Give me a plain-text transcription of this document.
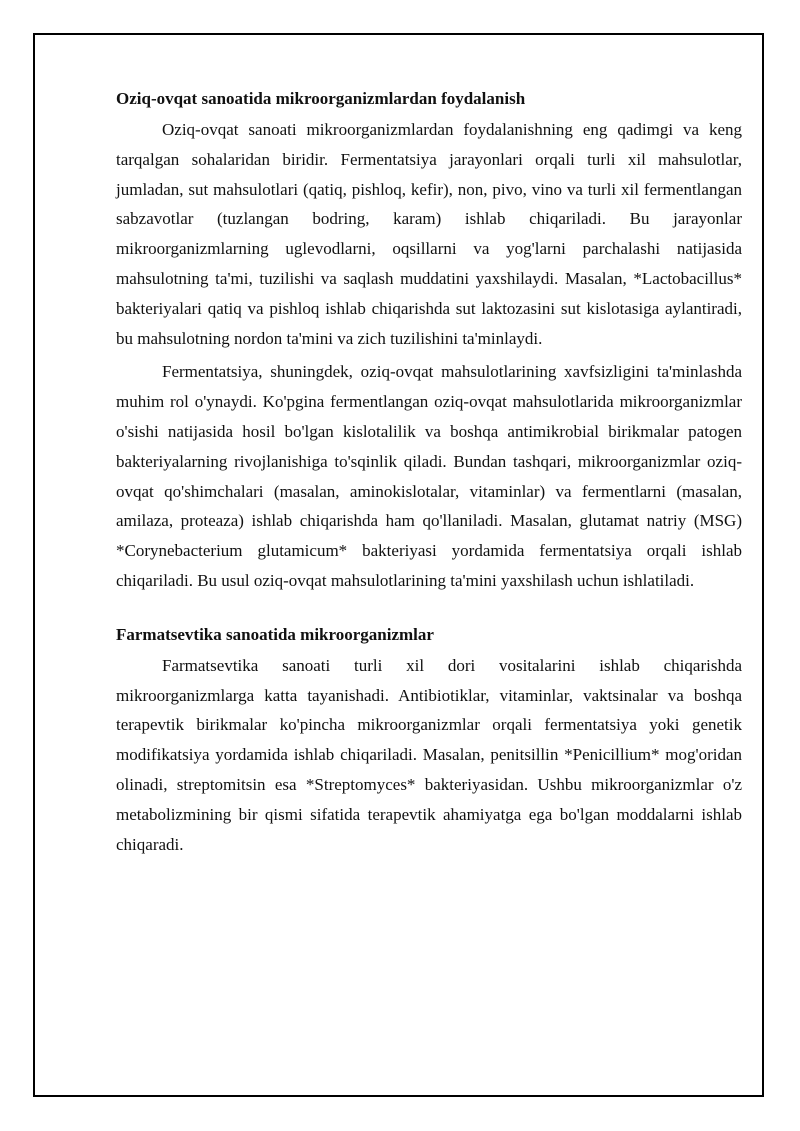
Oziq-ovqat sanoatida mikroorganizmlardan foydalanish

Oziq-ovqat sanoati mikroorganizmlardan foydalanishning eng qadimgi va keng tarqalgan sohalaridan biridir. Fermentatsiya jarayonlari orqali turli xil mahsulotlar, jumladan, sut mahsulotlari (qatiq, pishloq, kefir), non, pivo, vino va turli xil fermentlangan sabzavotlar (tuzlangan bodring, karam) ishlab chiqariladi. Bu jarayonlar mikroorganizmlarning uglevodlarni, oqsillarni va yog'larni parchalashi natijasida mahsulotning ta'mi, tuzilishi va saqlash muddatini yaxshilaydi. Masalan, *Lactobacillus* bakteriyalari qatiq va pishloq ishlab chiqarishda sut laktozasini sut kislotasiga aylantiradi, bu mahsulotning nordon ta'mini va zich tuzilishini ta'minlaydi.

Fermentatsiya, shuningdek, oziq-ovqat mahsulotlarining xavfsizligini ta'minlashda muhim rol o'ynaydi. Ko'pgina fermentlangan oziq-ovqat mahsulotlarida mikroorganizmlar o'sishi natijasida hosil bo'lgan kislotalilik va boshqa antimikrobial birikmalar patogen bakteriyalarning rivojlanishiga to'sqinlik qiladi. Bundan tashqari, mikroorganizmlar oziq-ovqat qo'shimchalari (masalan, aminokislotalar, vitaminlar) va fermentlarni (masalan, amilaza, proteaza) ishlab chiqarishda ham qo'llaniladi. Masalan, glutamat natriy (MSG) *Corynebacterium glutamicum* bakteriyasi yordamida fermentatsiya orqali ishlab chiqariladi. Bu usul oziq-ovqat mahsulotlarining ta'mini yaxshilash uchun ishlatiladi.

Farmatsevtika sanoatida mikroorganizmlar

Farmatsevtika sanoati turli xil dori vositalarini ishlab chiqarishda mikroorganizmlarga katta tayanishadi. Antibiotiklar, vitaminlar, vaktsinalar va boshqa terapevtik birikmalar ko'pincha mikroorganizmlar orqali fermentatsiya yoki genetik modifikatsiya yordamida ishlab chiqariladi. Masalan, penitsillin *Penicillium* mog'oridan olinadi, streptomitsin esa *Streptomyces* bakteriyasidan. Ushbu mikroorganizmlar o'z metabolizmining bir qismi sifatida terapevtik ahamiyatga ega bo'lgan moddalarni ishlab chiqaradi.
